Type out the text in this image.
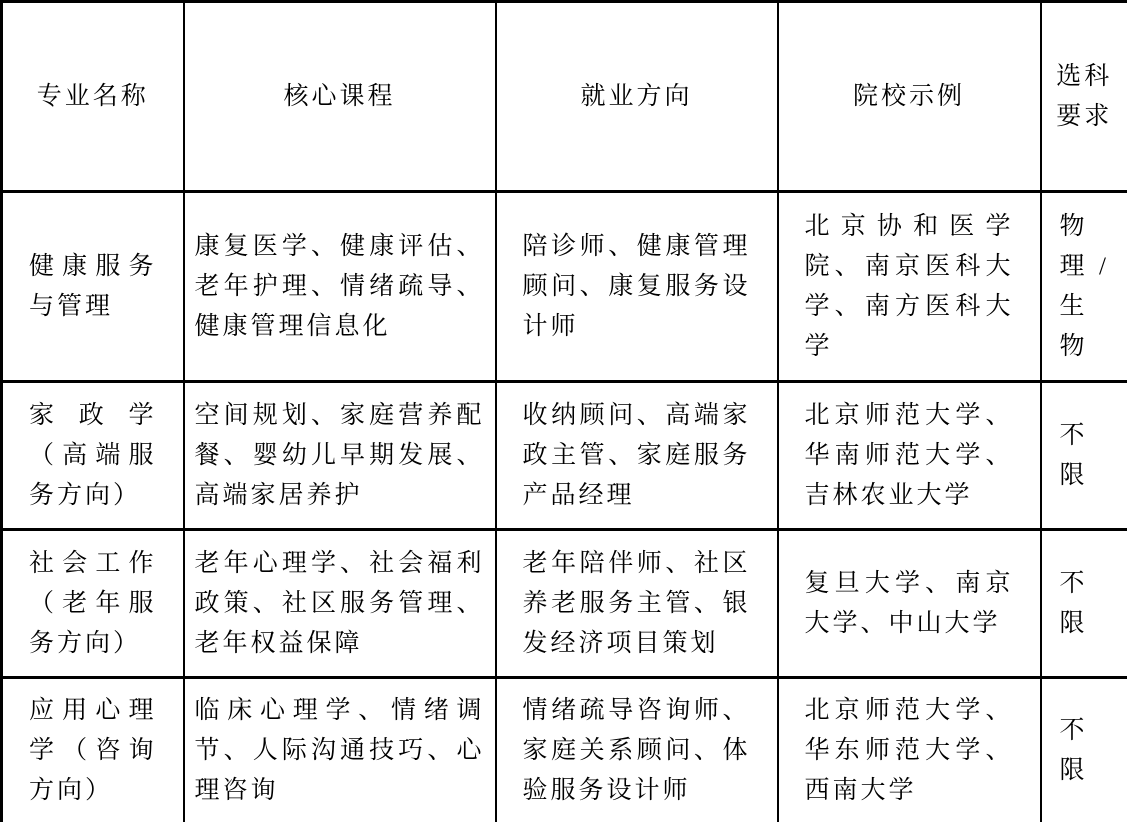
专业名称	核心课程	就业方向	院校示例	选科要求
健康服务与管理	康复医学、健康评估、老年护理、情绪疏导、健康管理信息化	陪诊师、健康管理顾问、康复服务设计师	北京协和医学院、南京医科大学、南方医科大学	物理/生物
家政学（高端服务方向）	空间规划、家庭营养配餐、婴幼儿早期发展、高端家居养护	收纳顾问、高端家政主管、家庭服务产品经理	北京师范大学、华南师范大学、吉林农业大学	不限
社会工作（老年服务方向）	老年心理学、社会福利政策、社区服务管理、老年权益保障	老年陪伴师、社区养老服务主管、银发经济项目策划	复旦大学、南京大学、中山大学	不限
应用心理学（咨询方向）	临床心理学、情绪调节、人际沟通技巧、心理咨询	情绪疏导咨询师、家庭关系顾问、体验服务设计师	北京师范大学、华东师范大学、西南大学	不限
